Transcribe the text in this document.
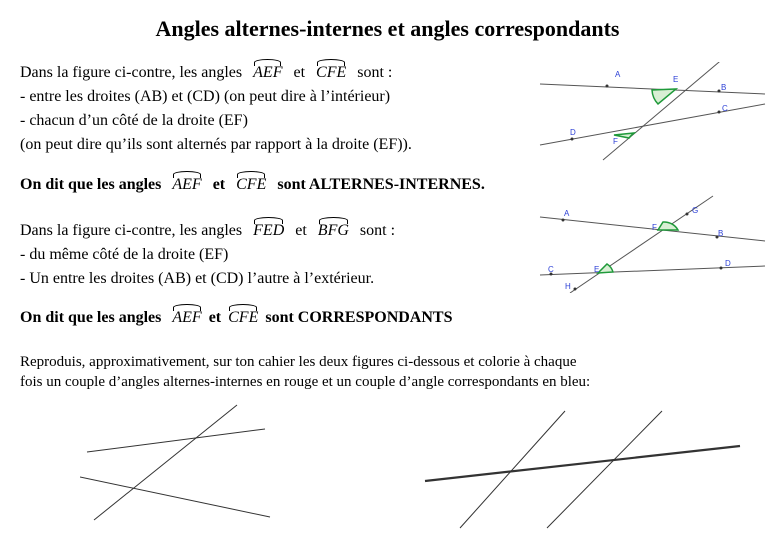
Angles alternes-internes et angles correspondants
Dans la figure ci-contre, les angles AEF et CFE sont :
- entre les droites (AB) et (CD) (on peut dire à l’intérieur)
- chacun d’un côté de la droite (EF)
(on peut dire qu’ils sont alternés par rapport à la droite (EF)).
On dit que les angles AEF et CFE sont ALTERNES-INTERNES.
A
E
B
C
D
F
Dans la figure ci-contre, les angles FED et BFG sont :
- du même côté de la droite (EF)
- Un entre les droites (AB) et (CD) l’autre à l’extérieur.
On dit que les angles AEF et CFE sont CORRESPONDANTS
A
F
G
B
C	E
D
H
Reproduis, approximativement, sur ton cahier les deux figures ci-dessous et colorie à chaque
fois un couple d’angles alternes-internes en rouge et un couple d’angle correspondants en bleu:
